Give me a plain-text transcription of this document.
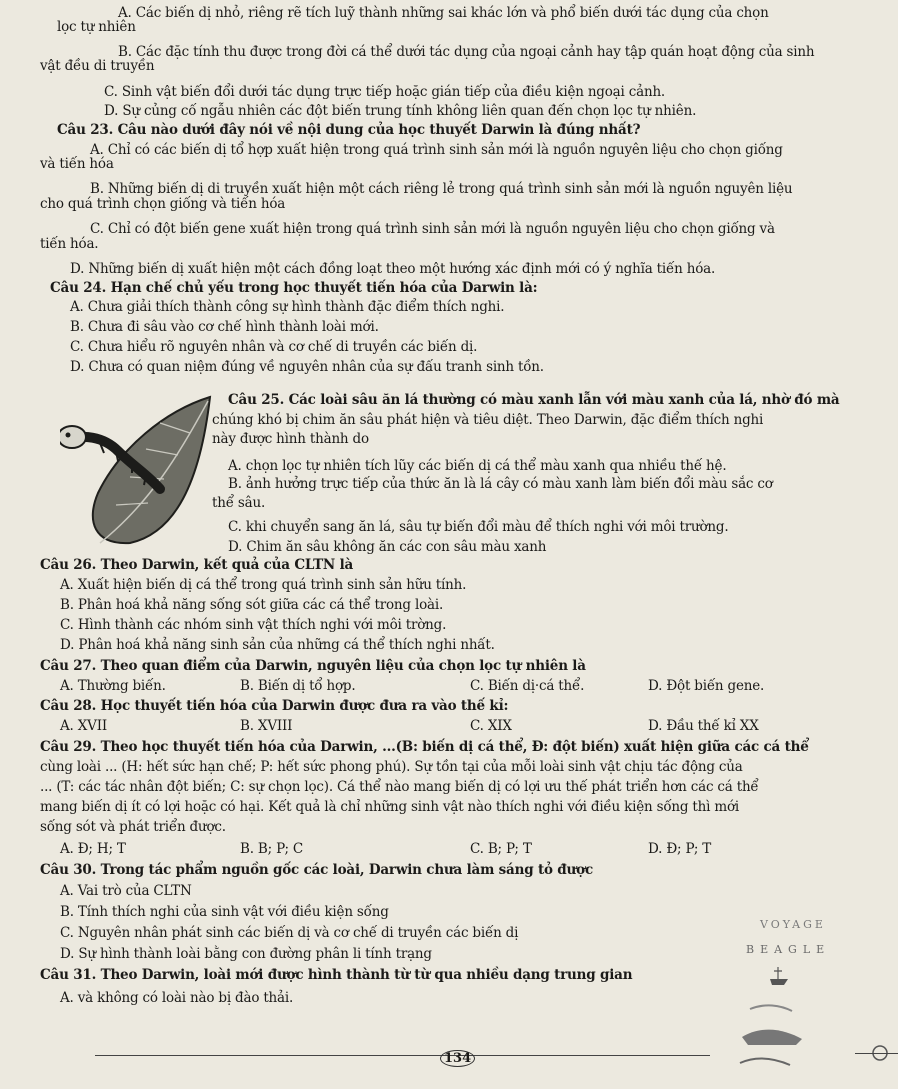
A. Các biến dị nhỏ, riêng rẽ tích luỹ thành những sai khác lớn và phổ biến dưới tác dụng của chọn
lọc tự nhiên
B. Các đặc tính thu được trong đời cá thể dưới tác dụng của ngoại cảnh hay tập quán hoạt động của sinh
vật đều di truyền
C. Sinh vật biến đổi dưới tác dụng trực tiếp hoặc gián tiếp của điều kiện ngoại cảnh.
D. Sự củng cố ngẫu nhiên các đột biến trung tính không liên quan đến chọn lọc tự nhiên.
Câu 23. Câu nào dưới đây nói về nội dung của học thuyết Darwin là đúng nhất?
A. Chỉ có các biến dị tổ hợp xuất hiện trong quá trình sinh sản mới là nguồn nguyên liệu cho chọn giống
và tiến hóa
B. Những biến dị di truyền xuất hiện một cách riêng lẻ trong quá trình sinh sản mới là nguồn nguyên liệu
cho quá trình chọn giống và tiến hóa
C. Chỉ có đột biến gene xuất hiện trong quá trình sinh sản mới là nguồn nguyên liệu cho chọn giống và
tiến hóa.
D. Những biến dị xuất hiện một cách đồng loạt theo một hướng xác định mới có ý nghĩa tiến hóa.
Câu 24. Hạn chế chủ yếu trong học thuyết tiến hóa của Darwin là:
A. Chưa giải thích thành công sự hình thành đặc điểm thích nghi.
B. Chưa đi sâu vào cơ chế hình thành loài mới.
C. Chưa hiểu rõ nguyên nhân và cơ chế di truyền các biến dị.
D. Chưa có quan niệm đúng về nguyên nhân của sự đấu tranh sinh tồn.
Câu 25. Các loài sâu ăn lá thường có màu xanh lẫn với màu xanh của lá, nhờ đó mà
chúng khó bị chim ăn sâu phát hiện và tiêu diệt. Theo Darwin, đặc điểm thích nghi
này được hình thành do
A. chọn lọc tự nhiên tích lũy các biến dị cá thể màu xanh qua nhiều thế hệ.
B. ảnh hưởng trực tiếp của thức ăn là lá cây có màu xanh làm biến đổi màu sắc cơ
thể sâu.
C. khi chuyển sang ăn lá, sâu tự biến đổi màu để thích nghi với môi trường.
D. Chim ăn sâu không ăn các con sâu màu xanh
Câu 26. Theo Darwin, kết quả của CLTN là
A. Xuất hiện biến dị cá thể trong quá trình sinh sản hữu tính.
B. Phân hoá khả năng sống sót giữa các cá thể trong loài.
C. Hình thành các nhóm sinh vật thích nghi với môi trờng.
D. Phân hoá khả năng sinh sản của những cá thể thích nghi nhất.
Câu 27. Theo quan điểm của Darwin, nguyên liệu của chọn lọc tự nhiên là
A. Thường biến.	B. Biến dị tổ hợp.	C. Biến dị·cá thể.	D. Đột biến gene.
Câu 28. Học thuyết tiến hóa của Darwin được đưa ra vào thế kỉ:
A. XVII	B. XVIII	C. XIX	D. Đầu thế kỉ XX
Câu 29. Theo học thuyết tiến hóa của Darwin, ...(B: biến dị cá thể, Đ: đột biến) xuất hiện giữa các cá thể
cùng loài ... (H: hết sức hạn chế; P: hết sức phong phú). Sự tồn tại của mỗi loài sinh vật chịu tác động của
... (T: các tác nhân đột biến; C: sự chọn lọc). Cá thể nào mang biến dị có lợi ưu thế phát triển hơn các cá thể
mang biến dị ít có lợi hoặc có hại. Kết quả là chỉ những sinh vật nào thích nghi với điều kiện sống thì mới
sống sót và phát triển được.
A. Đ; H; T	B. B; P; C	C. B; P; T	D. Đ; P; T
Câu 30. Trong tác phẩm nguồn gốc các loài, Darwin chưa làm sáng tỏ được
A. Vai trò của CLTN
B. Tính thích nghi của sinh vật với điều kiện sống
C. Nguyên nhân phát sinh các biến dị và cơ chế di truyền các biến dị
D. Sự hình thành loài bằng con đường phân li tính trạng
Câu 31. Theo Darwin, loài mới được hình thành từ từ qua nhiều dạng trung gian
A. và không có loài nào bị đào thải.
VOYAGE
BEAGLE
134
